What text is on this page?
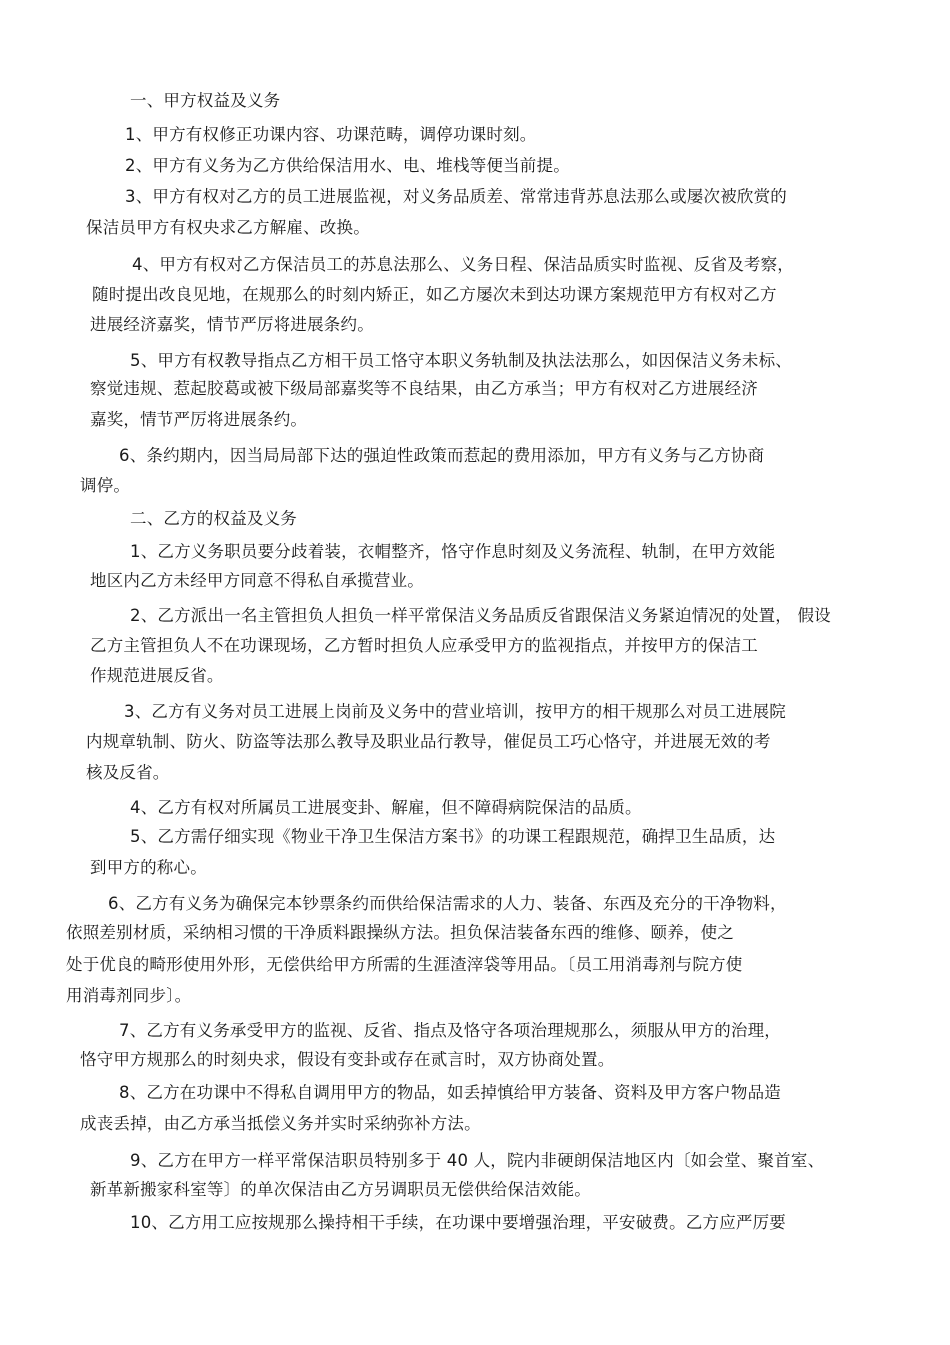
一、甲方权益及义务
1、甲方有权修正功课内容、功课范畴，调停功课时刻。
2、甲方有义务为乙方供给保洁用水、电、堆栈等便当前提。
3、甲方有权对乙方的员工进展监视，对义务品质差、常常违背苏息法那么或屡次被欣赏的
保洁员甲方有权央求乙方解雇、改换。
4、甲方有权对乙方保洁员工的苏息法那么、义务日程、保洁品质实时监视、反省及考察，
随时提出改良见地，在规那么的时刻内矫正，如乙方屡次未到达功课方案规范甲方有权对乙方
进展经济嘉奖，情节严厉将进展条约。
5、甲方有权教导指点乙方相干员工恪守本职义务轨制及执法法那么，如因保洁义务未标、
察觉违规、惹起胶葛或被下级局部嘉奖等不良结果，由乙方承当；甲方有权对乙方进展经济
嘉奖，情节严厉将进展条约。
6、条约期内，因当局局部下达的强迫性政策而惹起的费用添加，甲方有义务与乙方协商
调停。
二、乙方的权益及义务
1、乙方义务职员要分歧着装，衣帽整齐，恪守作息时刻及义务流程、轨制，在甲方效能
地区内乙方未经甲方同意不得私自承揽营业。
2、乙方派出一名主管担负人担负一样平常保洁义务品质反省跟保洁义务紧迫情况的处置， 假设
乙方主管担负人不在功课现场，乙方暂时担负人应承受甲方的监视指点，并按甲方的保洁工
作规范进展反省。
3、乙方有义务对员工进展上岗前及义务中的营业培训，按甲方的相干规那么对员工进展院
内规章轨制、防火、防盗等法那么教导及职业品行教导，催促员工巧心恪守，并进展无效的考
核及反省。
4、乙方有权对所属员工进展变卦、解雇，但不障碍病院保洁的品质。
5、乙方需仔细实现《物业干净卫生保洁方案书》的功课工程跟规范，确捍卫生品质，达
到甲方的称心。
6、乙方有义务为确保完本钞票条约而供给保洁需求的人力、装备、东西及充分的干净物料，
依照差别材质，采纳相习惯的干净质料跟操纵方法。担负保洁装备东西的维修、颐养，使之
处于优良的畸形使用外形，无偿供给甲方所需的生涯渣滓袋等用品。〔员工用消毒剂与院方使
用消毒剂同步〕。
7、乙方有义务承受甲方的监视、反省、指点及恪守各项治理规那么，须服从甲方的治理，
恪守甲方规那么的时刻央求，假设有变卦或存在贰言时，双方协商处置。
8、乙方在功课中不得私自调用甲方的物品，如丢掉慎给甲方装备、资料及甲方客户物品造
成丧丢掉，由乙方承当抵偿义务并实时采纳弥补方法。
9、乙方在甲方一样平常保洁职员特别多于 40 人，院内非硬朗保洁地区内〔如会堂、聚首室、
新革新搬家科室等〕的单次保洁由乙方另调职员无偿供给保洁效能。
10、乙方用工应按规那么操持相干手续，在功课中要增强治理，平安破费。乙方应严厉要
